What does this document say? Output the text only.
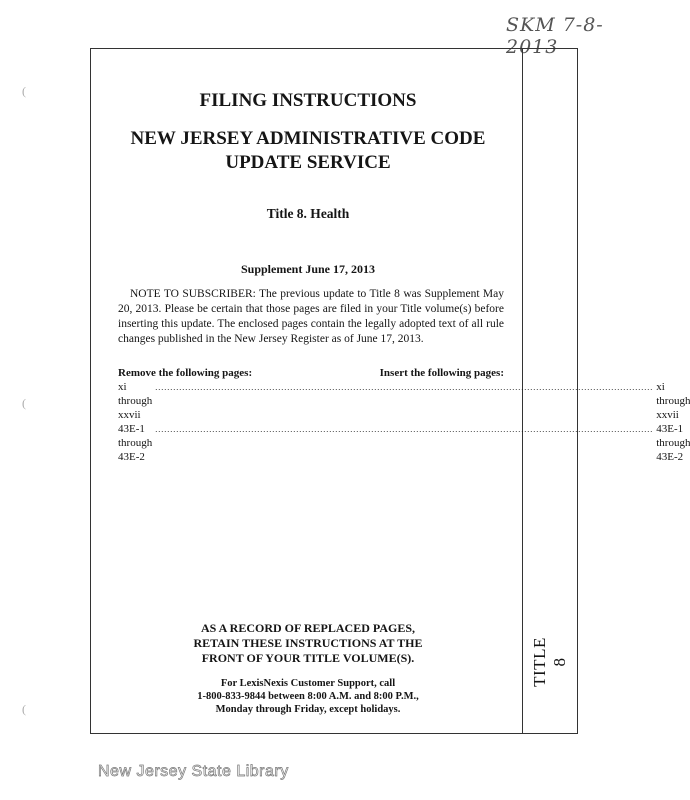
SKM 7-8-2013
(
(
(
TITLE 8
FILING INSTRUCTIONS
NEW JERSEY ADMINISTRATIVE CODE
UPDATE SERVICE
Title 8. Health
Supplement June 17, 2013
NOTE TO SUBSCRIBER: The previous update to Title 8 was Supplement May 20, 2013. Please be certain that those pages are filed in your Title volume(s) before inserting this update. The enclosed pages contain the legally adopted text of all rule changes published in the New Jersey Register as of June 17, 2013.
Remove the following pages:	Insert the following pages:
xi through xxvii
...................................................................................................................................................................... xi through xxvii
43E-1 through 43E-2
...................................................................................................................................................................... 43E-1 through 43E-2
AS A RECORD OF REPLACED PAGES,
RETAIN THESE INSTRUCTIONS AT THE
FRONT OF YOUR TITLE VOLUME(S).
For LexisNexis Customer Support, call
1-800-833-9844 between 8:00 A.M. and 8:00 P.M.,
Monday through Friday, except holidays.
New Jersey State Library
